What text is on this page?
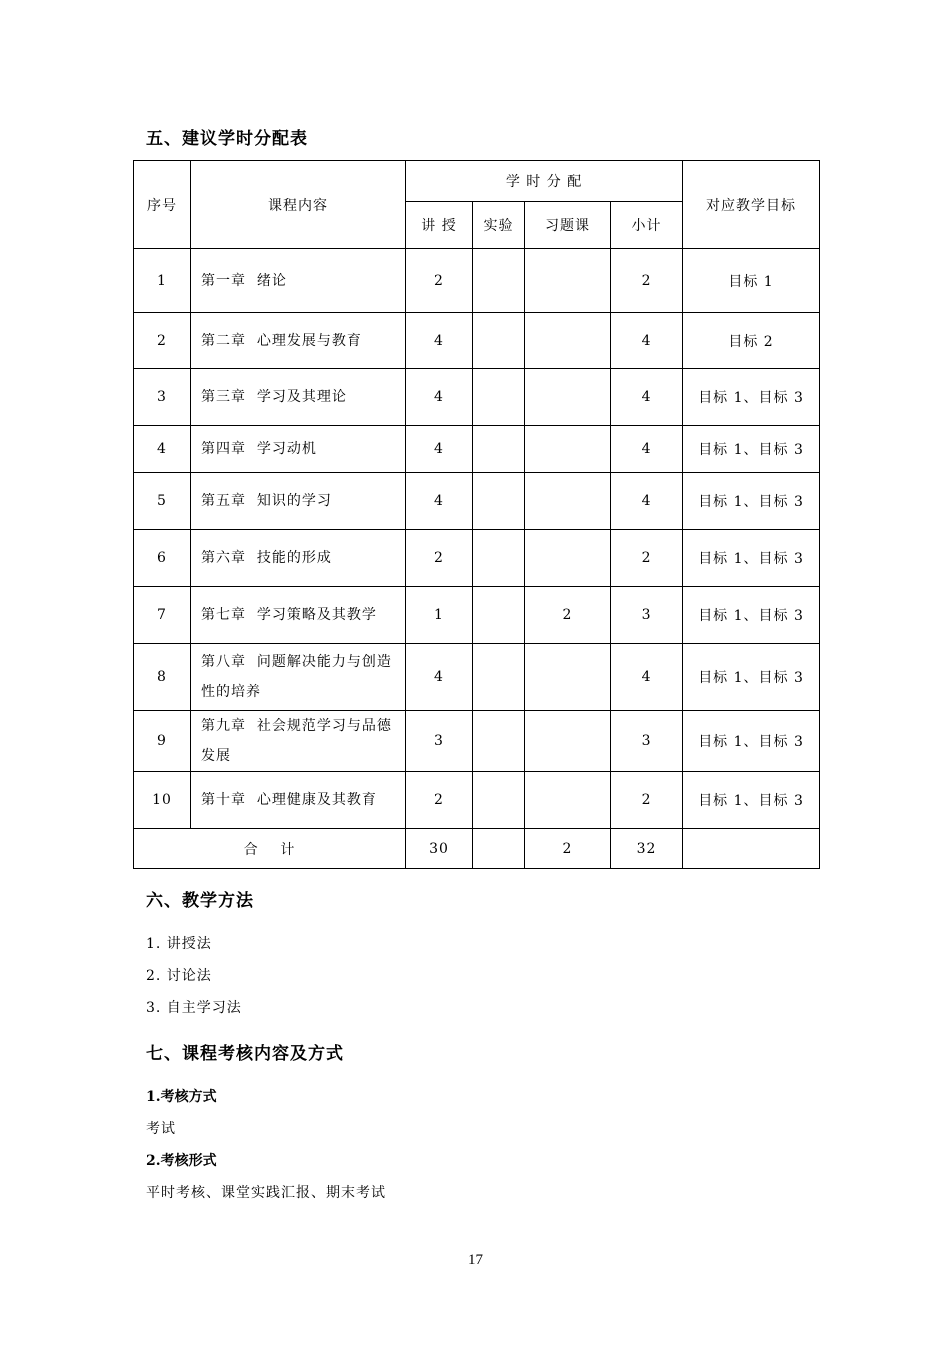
五、建议学时分配表
序号	课程内容	学 时 分 配				对应教学目标
		讲 授	实验	习题课	小计	
1	第一章  绪论	2			2	目标 1
2	第二章  心理发展与教育	4			4	目标 2
3	第三章  学习及其理论	4			4	目标 1、目标 3
4	第四章  学习动机	4			4	目标 1、目标 3
5	第五章  知识的学习	4			4	目标 1、目标 3
6	第六章  技能的形成	2			2	目标 1、目标 3
7	第七章  学习策略及其教学	1		2	3	目标 1、目标 3
8	第八章  问题解决能力与创造性的培养	4			4	目标 1、目标 3
9	第九章  社会规范学习与品德发展	3			3	目标 1、目标 3
10	第十章  心理健康及其教育	2			2	目标 1、目标 3
合    计		30		2	32	
六、教学方法
1. 讲授法
2. 讨论法
3. 自主学习法
七、课程考核内容及方式
1.考核方式
考试
2.考核形式
平时考核、课堂实践汇报、期末考试
17
